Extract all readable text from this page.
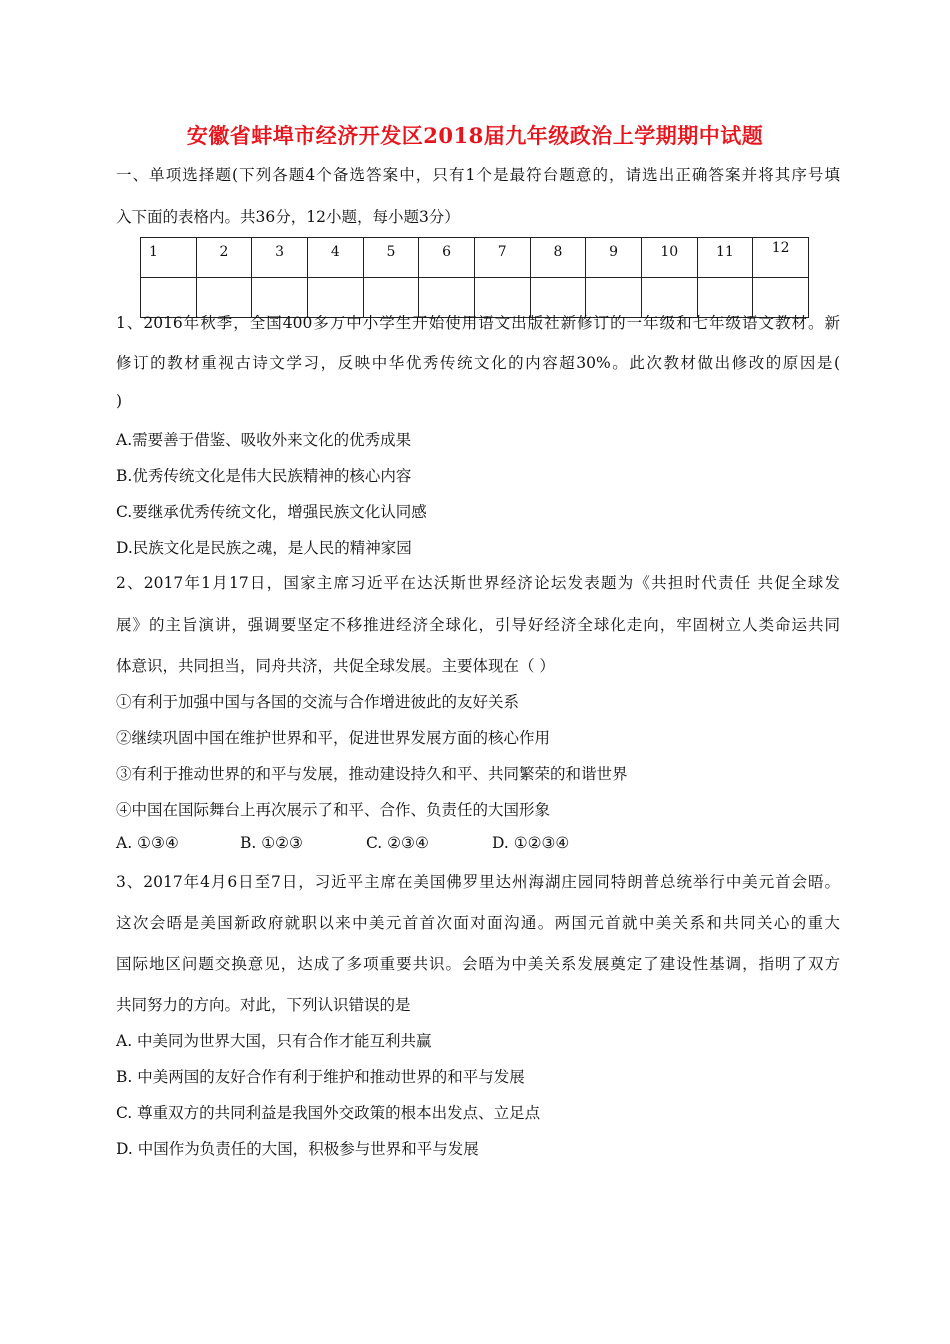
安徽省蚌埠市经济开发区2018届九年级政治上学期期中试题
一、单项选择题(下列各题4个备选答案中，只有1个是最符台题意的，请选出正确答案并将其序号填
入下面的表格内。共36分，12小题，每小题3分）
1	2	3	4	5	6	7	8	9	10	11	12

1、2016年秋季，全国400多万中小学生开始使用语文出版社新修订的一年级和七年级语文教材。新
修订的教材重视古诗文学习，反映中华优秀传统文化的内容超30%。此次教材做出修改的原因是(
)
A.需要善于借鉴、吸收外来文化的优秀成果
B.优秀传统文化是伟大民族精神的核心内容
C.要继承优秀传统文化，增强民族文化认同感
D.民族文化是民族之魂，是人民的精神家园
2、2017年1月17日，国家主席习近平在达沃斯世界经济论坛发表题为《共担时代责任 共促全球发
展》的主旨演讲，强调要坚定不移推进经济全球化，引导好经济全球化走向，牢固树立人类命运共同
体意识，共同担当，同舟共济，共促全球发展。主要体现在（ ）
①有利于加强中国与各国的交流与合作增进彼此的友好关系
②继续巩固中国在维护世界和平，促进世界发展方面的核心作用
③有利于推动世界的和平与发展，推动建设持久和平、共同繁荣的和谐世界
④中国在国际舞台上再次展示了和平、合作、负责任的大国形象
A. ①③④	B. ①②③	C. ②③④	D. ①②③④
3、2017年4月6日至7日，习近平主席在美国佛罗里达州海湖庄园同特朗普总统举行中美元首会晤。
这次会晤是美国新政府就职以来中美元首首次面对面沟通。两国元首就中美关系和共同关心的重大
国际地区问题交换意见，达成了多项重要共识。会晤为中美关系发展奠定了建设性基调，指明了双方
共同努力的方向。对此，下列认识错误的是
A. 中美同为世界大国，只有合作才能互利共赢
B. 中美两国的友好合作有利于维护和推动世界的和平与发展
C. 尊重双方的共同利益是我国外交政策的根本出发点、立足点
D. 中国作为负责任的大国，积极参与世界和平与发展
